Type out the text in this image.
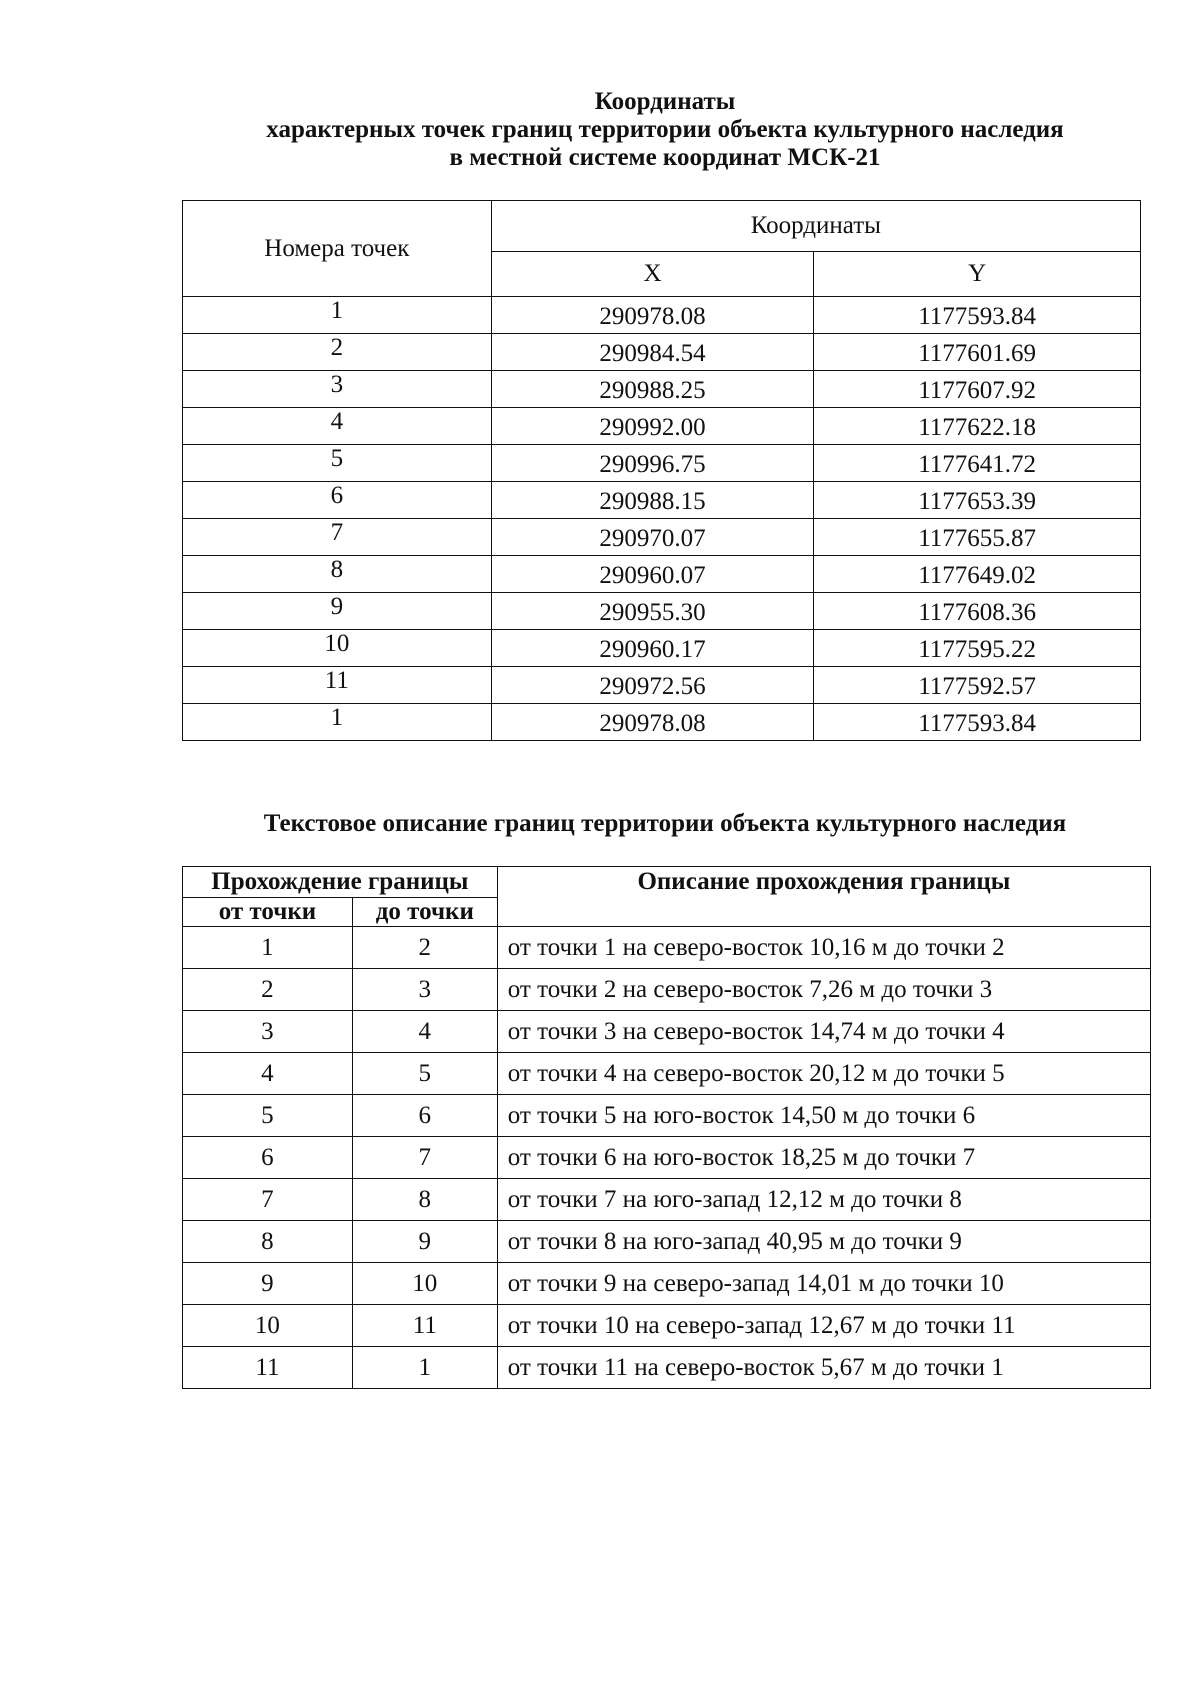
Координаты
характерных точек границ территории объекта культурного наследия
в местной системе координат МСК-21
Номера точек	Координаты	
	X	Y
1	290978.08	1177593.84
2	290984.54	1177601.69
3	290988.25	1177607.92
4	290992.00	1177622.18
5	290996.75	1177641.72
6	290988.15	1177653.39
7	290970.07	1177655.87
8	290960.07	1177649.02
9	290955.30	1177608.36
10	290960.17	1177595.22
11	290972.56	1177592.57
1	290978.08	1177593.84
Текстовое описание границ территории объекта культурного наследия
Прохождение границы		Описание прохождения границы
от точки	до точки	
1	2	от точки 1 на северо-восток 10,16 м до точки 2
2	3	от точки 2 на северо-восток 7,26 м до точки 3
3	4	от точки 3 на северо-восток 14,74 м до точки 4
4	5	от точки 4 на северо-восток 20,12 м до точки 5
5	6	от точки 5 на юго-восток 14,50 м до точки 6
6	7	от точки 6 на юго-восток 18,25 м до точки 7
7	8	от точки 7 на юго-запад 12,12 м до точки 8
8	9	от точки 8 на юго-запад 40,95 м до точки 9
9	10	от точки 9 на северо-запад 14,01 м до точки 10
10	11	от точки 10 на северо-запад 12,67 м до точки 11
11	1	от точки 11 на северо-восток 5,67 м до точки 1
